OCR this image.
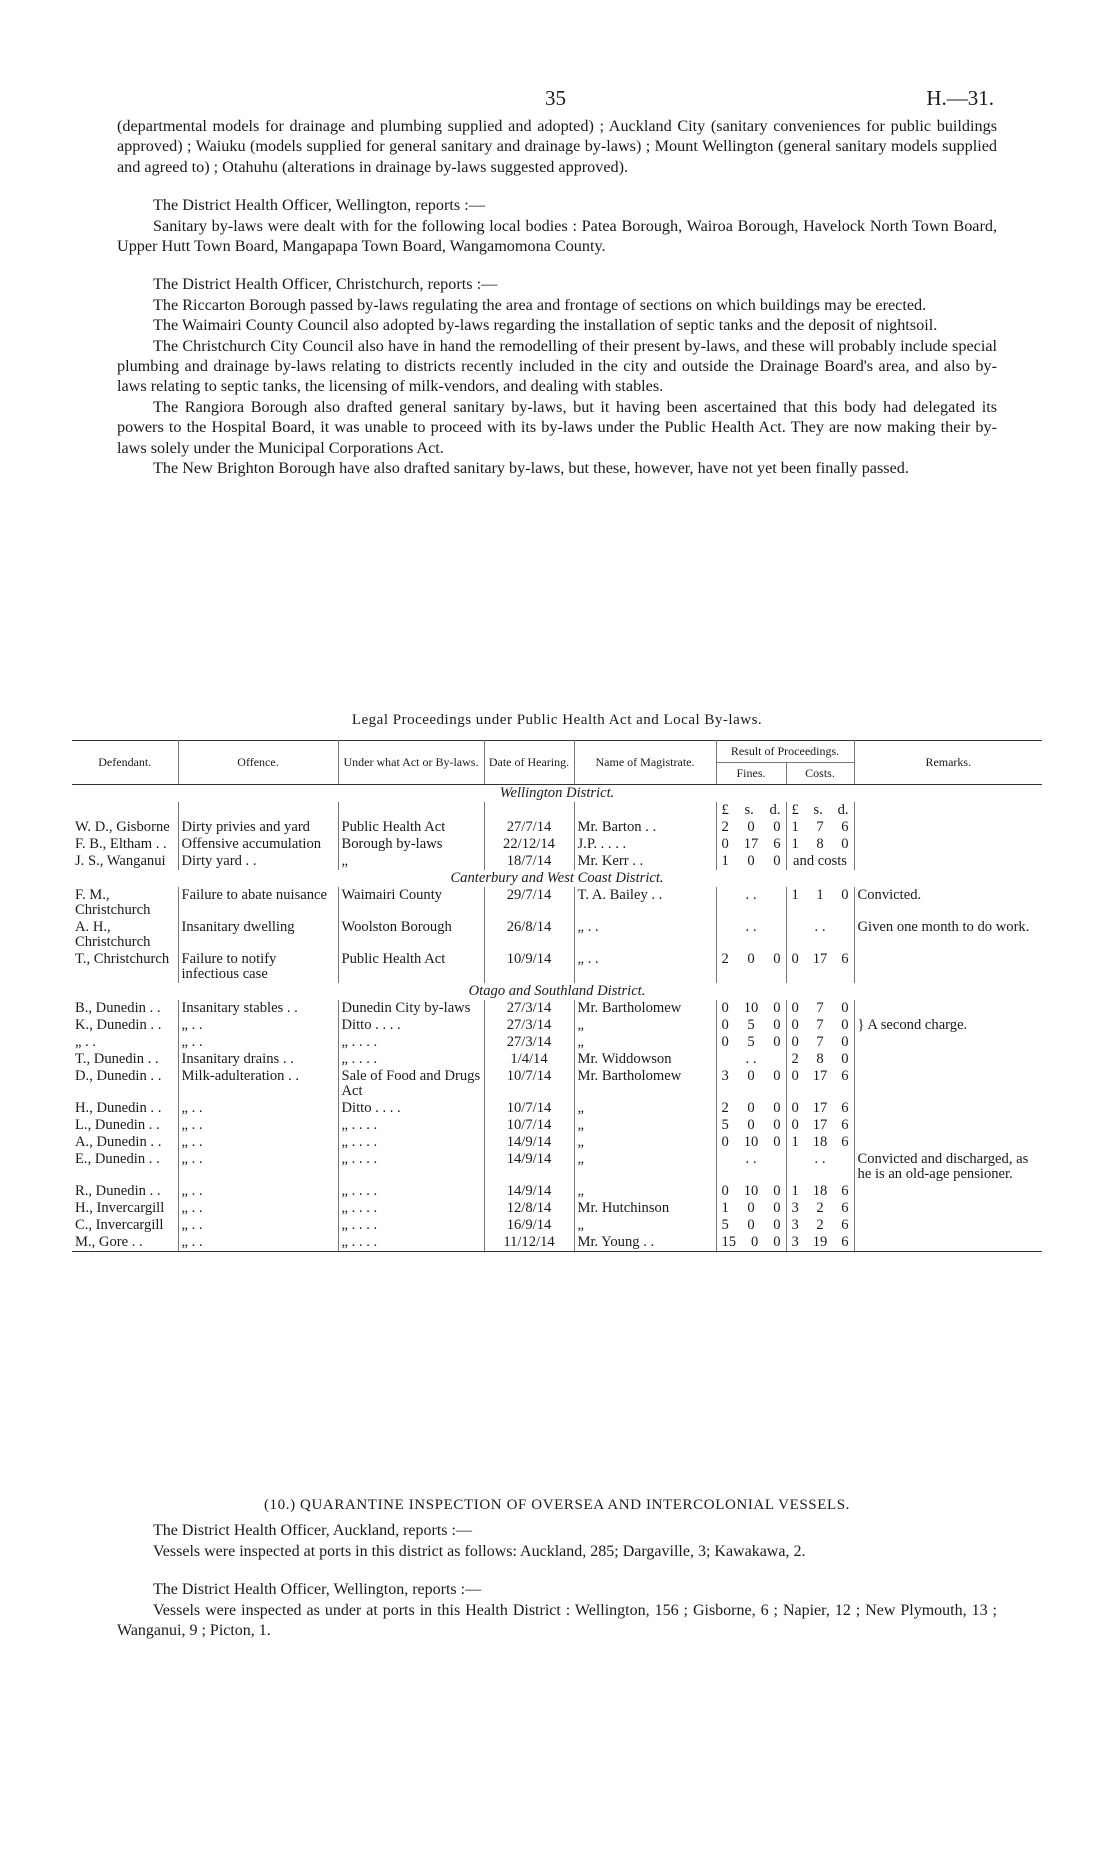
35	H.—31.

(departmental models for drainage and plumbing supplied and adopted) ; Auckland City (sanitary conveniences for public buildings approved) ; Waiuku (models supplied for general sanitary and drainage by-laws) ; Mount Wellington (general sanitary models supplied and agreed to) ; Otahuhu (alterations in drainage by-laws suggested approved).

The District Health Officer, Wellington, reports :—

Sanitary by-laws were dealt with for the following local bodies : Patea Borough, Wairoa Borough, Havelock North Town Board, Upper Hutt Town Board, Mangapapa Town Board, Wangamomona County.

The District Health Officer, Christchurch, reports :—

The Riccarton Borough passed by-laws regulating the area and frontage of sections on which buildings may be erected.

The Waimairi County Council also adopted by-laws regarding the installation of septic tanks and the deposit of nightsoil.

The Christchurch City Council also have in hand the remodelling of their present by-laws, and these will probably include special plumbing and drainage by-laws relating to districts recently included in the city and outside the Drainage Board's area, and also by-laws relating to septic tanks, the licensing of milk-vendors, and dealing with stables.

The Rangiora Borough also drafted general sanitary by-laws, but it having been ascertained that this body had delegated its powers to the Hospital Board, it was unable to proceed with its by-laws under the Public Health Act. They are now making their by-laws solely under the Municipal Corporations Act.

The New Brighton Borough have also drafted sanitary by-laws, but these, however, have not yet been finally passed.

Legal Proceedings under Public Health Act and Local By-laws.
Defendant.	Offence.	Under what Act or By-laws.	Date of Hearing.	Name of Magistrate.	Result of Proceedings.		Remarks.
					Fines.	Costs.	
Wellington District.							

					£ s. d.	£ s. d.	

W. D., Gisborne	Dirty privies and yard	Public Health Act	27/7/14	Mr. Barton . .	2 0 0	1 7 6	

F. B., Eltham . .	Offensive accumulation	Borough by-laws	22/12/14	J.P. . . . .	0 17 6	1 8 0	

J. S., Wanganui	Dirty yard . .	„	18/7/14	Mr. Kerr . .	1 0 0	and costs	
Canterbury and West Coast District.							
F. M., Christchurch	Failure to abate nuisance	Waimairi County	29/7/14	T. A. Bailey . .	. .	1 1 0	Convicted.
A. H., Christchurch	Insanitary dwelling	Woolston Borough	26/8/14	„ . .	. .	. .	Given one month to do work.
T., Christchurch	Failure to notify infectious case	Public Health Act	10/9/14	„ . .	2 0 0	0 17 6	

Otago and Southland District.							
B., Dunedin . .	Insanitary stables . .	Dunedin City by-laws	27/3/14	Mr. Bartholomew	0 10 0	0 7 0	

K., Dunedin . .	„ . .	Ditto . . . .	27/3/14	„	0 5 0	0 7 0	} A second charge.
„ . .	„ . .	„ . . . .	27/3/14	„	0 5 0	0 7 0	

T., Dunedin . .	Insanitary drains . .	„ . . . .	1/4/14	Mr. Widdowson	. .	2 8 0	

D., Dunedin . .	Milk-adulteration . .	Sale of Food and Drugs Act	10/7/14	Mr. Bartholomew	3 0 0	0 17 6	

H., Dunedin . .	„ . .	Ditto . . . .	10/7/14	„	2 0 0	0 17 6	

L., Dunedin . .	„ . .	„ . . . .	10/7/14	„	5 0 0	0 17 6	

A., Dunedin . .	„ . .	„ . . . .	14/9/14	„	0 10 0	1 18 6	

E., Dunedin . .	„ . .	„ . . . .	14/9/14	„	. .	. .	Convicted and discharged, as he is an old-age pensioner.
R., Dunedin . .	„ . .	„ . . . .	14/9/14	„	0 10 0	1 18 6	

H., Invercargill	„ . .	„ . . . .	12/8/14	Mr. Hutchinson	1 0 0	3 2 6	

C., Invercargill	„ . .	„ . . . .	16/9/14	„	5 0 0	3 2 6	

M., Gore . .	„ . .	„ . . . .	11/12/14	Mr. Young . .	15 0 0	3 19 6	

(10.) QUARANTINE INSPECTION OF OVERSEA AND INTERCOLONIAL VESSELS.

The District Health Officer, Auckland, reports :—

Vessels were inspected at ports in this district as follows: Auckland, 285; Dargaville, 3; Kawakawa, 2.

The District Health Officer, Wellington, reports :—

Vessels were inspected as under at ports in this Health District : Wellington, 156 ; Gisborne, 6 ; Napier, 12 ; New Plymouth, 13 ; Wanganui, 9 ; Picton, 1.
